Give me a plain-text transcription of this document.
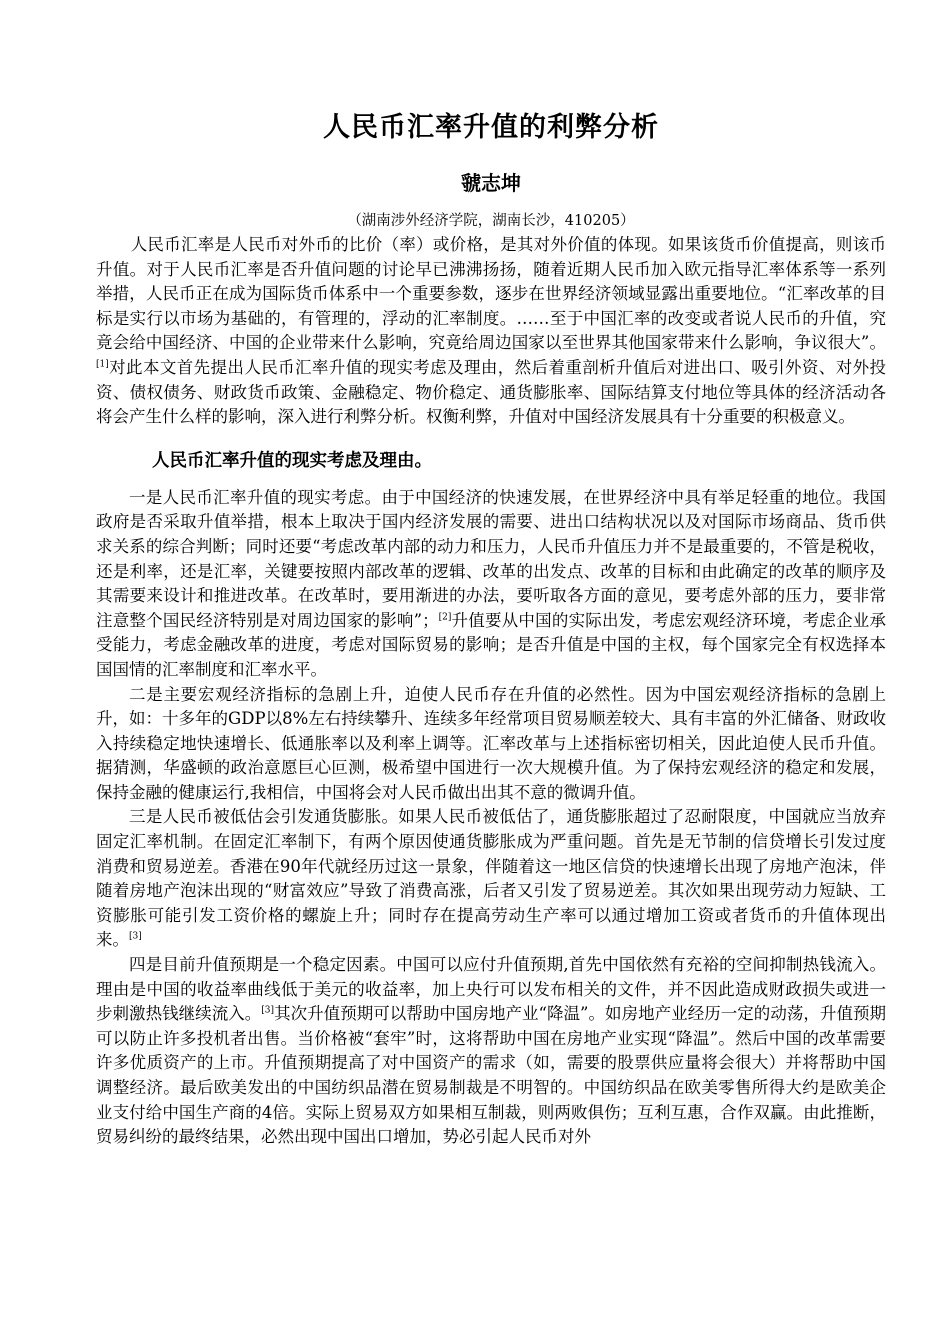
人民币汇率升值的利弊分析
虢志坤
（湖南涉外经济学院，湖南长沙，410205）

人民币汇率是人民币对外币的比价（率）或价格，是其对外价值的体现。如果该货币价值提高，则该币升值。对于人民币汇率是否升值问题的讨论早已沸沸扬扬，随着近期人民币加入欧元指导汇率体系等一系列举措，人民币正在成为国际货币体系中一个重要参数，逐步在世界经济领域显露出重要地位。“汇率改革的目标是实行以市场为基础的，有管理的，浮动的汇率制度。……至于中国汇率的改变或者说人民币的升值，究竟会给中国经济、中国的企业带来什么影响，究竟给周边国家以至世界其他国家带来什么影响，争议很大”。[1]对此本文首先提出人民币汇率升值的现实考虑及理由，然后着重剖析升值后对进出口、吸引外资、对外投资、债权债务、财政货币政策、金融稳定、物价稳定、通货膨胀率、国际结算支付地位等具体的经济活动各将会产生什么样的影响，深入进行利弊分析。权衡利弊，升值对中国经济发展具有十分重要的积极意义。

人民币汇率升值的现实考虑及理由。

一是人民币汇率升值的现实考虑。由于中国经济的快速发展，在世界经济中具有举足轻重的地位。我国政府是否采取升值举措，根本上取决于国内经济发展的需要、进出口结构状况以及对国际市场商品、货币供求关系的综合判断；同时还要“考虑改革内部的动力和压力，人民币升值压力并不是最重要的，不管是税收，还是利率，还是汇率，关键要按照内部改革的逻辑、改革的出发点、改革的目标和由此确定的改革的顺序及其需要来设计和推进改革。在改革时，要用渐进的办法，要听取各方面的意见，要考虑外部的压力，要非常注意整个国民经济特别是对周边国家的影响”；[2]升值要从中国的实际出发，考虑宏观经济环境，考虑企业承受能力，考虑金融改革的进度，考虑对国际贸易的影响；是否升值是中国的主权，每个国家完全有权选择本国国情的汇率制度和汇率水平。

二是主要宏观经济指标的急剧上升，迫使人民币存在升值的必然性。因为中国宏观经济指标的急剧上升，如：十多年的GDP以8%左右持续攀升、连续多年经常项目贸易顺差较大、具有丰富的外汇储备、财政收入持续稳定地快速增长、低通胀率以及利率上调等。汇率改革与上述指标密切相关，因此迫使人民币升值。据猜测，华盛顿的政治意愿巨心叵测，极希望中国进行一次大规模升值。为了保持宏观经济的稳定和发展，保持金融的健康运行,我相信，中国将会对人民币做出出其不意的微调升值。

三是人民币被低估会引发通货膨胀。如果人民币被低估了，通货膨胀超过了忍耐限度，中国就应当放弃固定汇率机制。在固定汇率制下，有两个原因使通货膨胀成为严重问题。首先是无节制的信贷增长引发过度消费和贸易逆差。香港在90年代就经历过这一景象，伴随着这一地区信贷的快速增长出现了房地产泡沫，伴随着房地产泡沫出现的“财富效应”导致了消费高涨，后者又引发了贸易逆差。其次如果出现劳动力短缺、工资膨胀可能引发工资价格的螺旋上升；同时存在提高劳动生产率可以通过增加工资或者货币的升值体现出来。[3]

四是目前升值预期是一个稳定因素。中国可以应付升值预期,首先中国依然有充裕的空间抑制热钱流入。理由是中国的收益率曲线低于美元的收益率，加上央行可以发布相关的文件，并不因此造成财政损失或进一步刺激热钱继续流入。[3]其次升值预期可以帮助中国房地产业“降温”。如房地产业经历一定的动荡，升值预期可以防止许多投机者出售。当价格被“套牢”时，这将帮助中国在房地产业实现“降温”。然后中国的改革需要许多优质资产的上市。升值预期提高了对中国资产的需求（如，需要的股票供应量将会很大）并将帮助中国调整经济。最后欧美发出的中国纺织品潜在贸易制裁是不明智的。中国纺织品在欧美零售所得大约是欧美企业支付给中国生产商的4倍。实际上贸易双方如果相互制裁，则两败俱伤；互利互惠，合作双赢。由此推断，贸易纠纷的最终结果，必然出现中国出口增加，势必引起人民币对外
